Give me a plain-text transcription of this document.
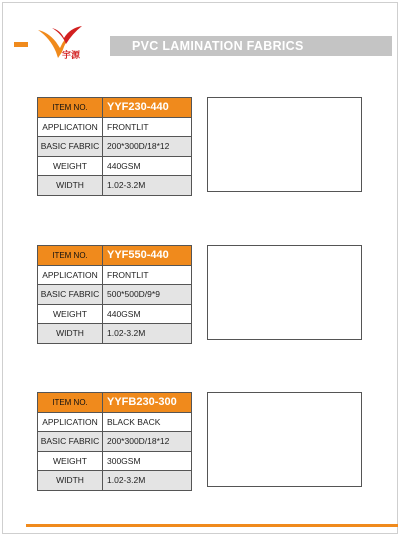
宇源
PVC LAMINATION FABRICS
ITEM NO.	YYF230-440
APPLICATION	FRONTLIT
BASIC FABRIC	200*300D/18*12
WEIGHT	440GSM
WIDTH	1.02-3.2M
ITEM NO.	YYF550-440
APPLICATION	FRONTLIT
BASIC FABRIC	500*500D/9*9
WEIGHT	440GSM
WIDTH	1.02-3.2M
ITEM NO.	YYFB230-300
APPLICATION	BLACK BACK
BASIC FABRIC	200*300D/18*12
WEIGHT	300GSM
WIDTH	1.02-3.2M
